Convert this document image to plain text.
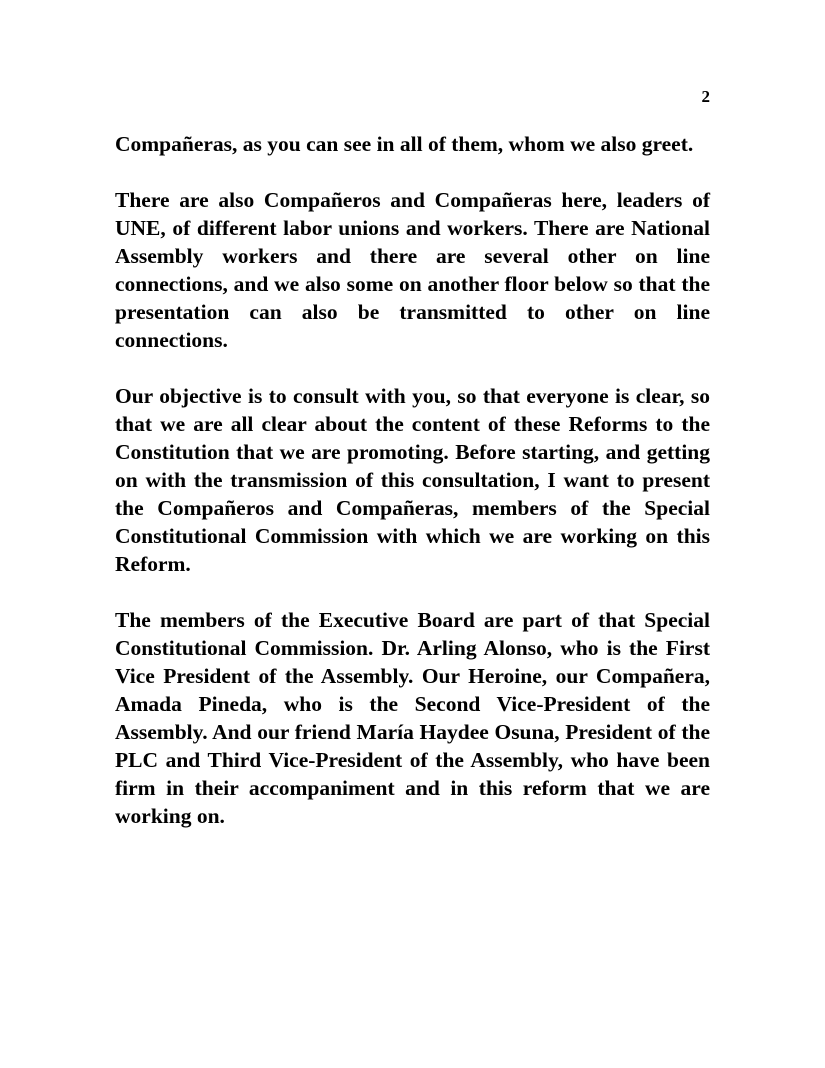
2

Compañeras, as you can see in all of them, whom we also greet.

There are also Compañeros and Compañeras here, leaders of UNE, of different labor unions and workers. There are National Assembly workers and there are several other on line connections, and we also some on another floor below so that the presentation can also be transmitted to other on line connections.

Our objective is to consult with you, so that everyone is clear, so that we are all clear about the content of these Reforms to the Constitution that we are promoting. Before starting, and getting on with the transmission of this consultation, I want to present the Compañeros and Compañeras, members of the Special Constitutional Commission with which we are working on this Reform.

The members of the Executive Board are part of that Special Constitutional Commission. Dr. Arling Alonso, who is the First Vice President of the Assembly. Our Heroine, our Compañera, Amada Pineda, who is the Second Vice-President of the Assembly. And our friend María Haydee Osuna, President of the PLC and Third Vice-President of the Assembly, who have been firm in their accompaniment and in this reform that we are working on.
